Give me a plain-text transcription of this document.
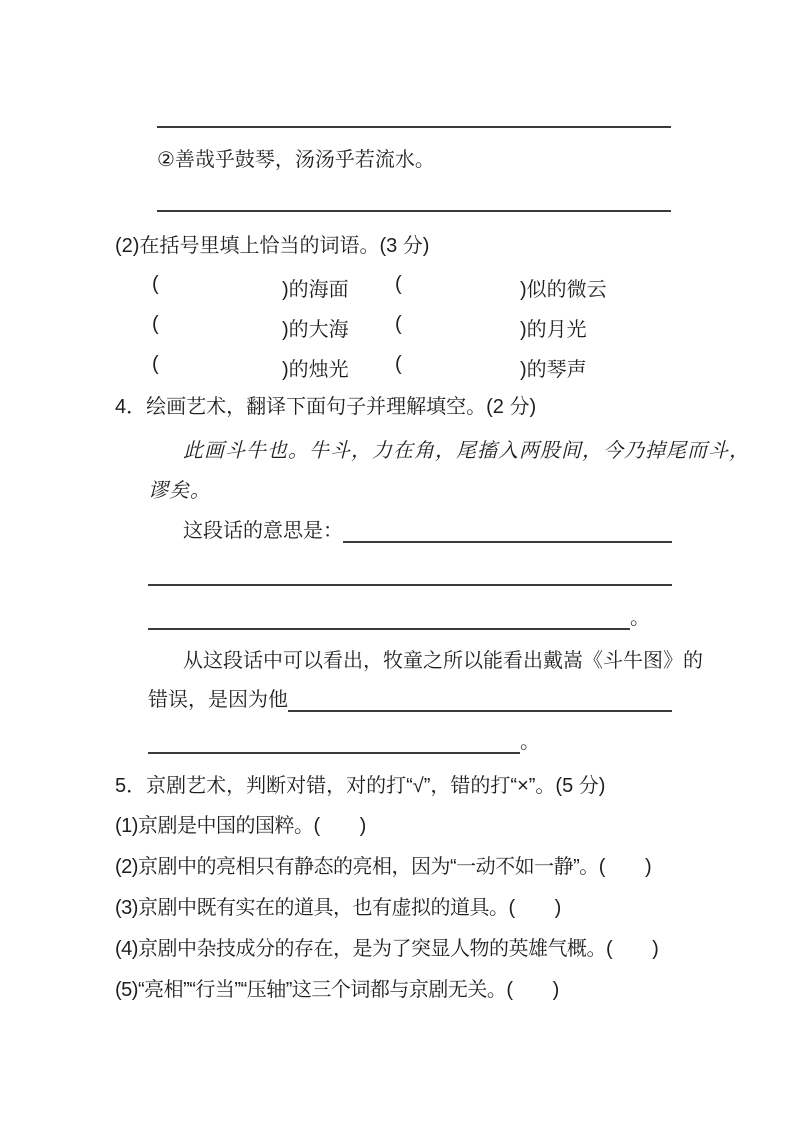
②善哉乎鼓琴，汤汤乎若流水。
(2)在括号里填上恰当的词语。(3 分)
(	)的海面 (	)似的微云
(	)的大海 (	)的月光
(	)的烛光 (	)的琴声
4．绘画艺术，翻译下面句子并理解填空。(2 分)
此画斗牛也。牛斗，力在角，尾搐入两股间，今乃掉尾而斗，
谬矣。
这段话的意思是：
。
从这段话中可以看出，牧童之所以能看出戴嵩《斗牛图》的
错误，是因为他
。
5．京剧艺术，判断对错，对的打“√”，错的打“×”。(5 分)
(1)京剧是中国的国粹。( )
(2)京剧中的亮相只有静态的亮相，因为“一动不如一静”。( )
(3)京剧中既有实在的道具，也有虚拟的道具。( )
(4)京剧中杂技成分的存在，是为了突显人物的英雄气概。( )
(5)“亮相”“行当”“压轴”这三个词都与京剧无关。( )
